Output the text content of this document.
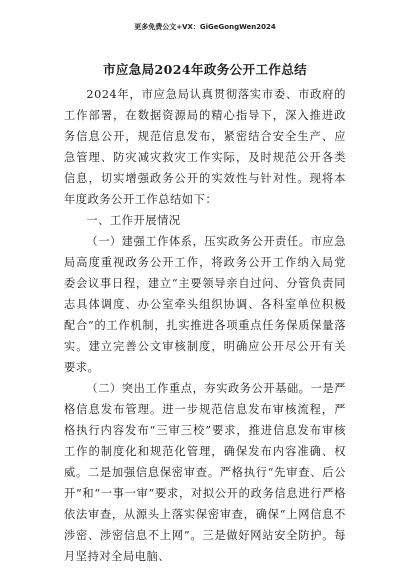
更多免费公文+VX：GiGeGongWen2024
市应急局2024年政务公开工作总结

2024年，市应急局认真贯彻落实市委、市政府的工作部署，在数据资源局的精心指导下，深入推进政务信息公开，规范信息发布，紧密结合安全生产、应急管理、防灾减灾救灾工作实际，及时规范公开各类信息，切实增强政务公开的实效性与针对性。现将本年度政务公开工作总结如下：

一、工作开展情况

（一）建强工作体系，压实政务公开责任。市应急局高度重视政务公开工作，将政务公开工作纳入局党委会议事日程，建立“主要领导亲自过问、分管负责同志具体调度、办公室牵头组织协调、各科室单位积极配合”的工作机制，扎实推进各项重点任务保质保量落实。建立完善公文审核制度，明确应公开尽公开有关要求。

（二）突出工作重点，夯实政务公开基础。一是严格信息发布管理。进一步规范信息发布审核流程，严格执行内容发布“三审三校”要求，推进信息发布审核工作的制度化和规范化管理，确保发布内容准确、权威。二是加强信息保密审查。严格执行“先审查、后公开”和“一事一审”要求，对拟公开的政务信息进行严格依法审查，从源头上落实保密审查，确保“上网信息不涉密、涉密信息不上网”。三是做好网站安全防护。每月坚持对全局电脑、
